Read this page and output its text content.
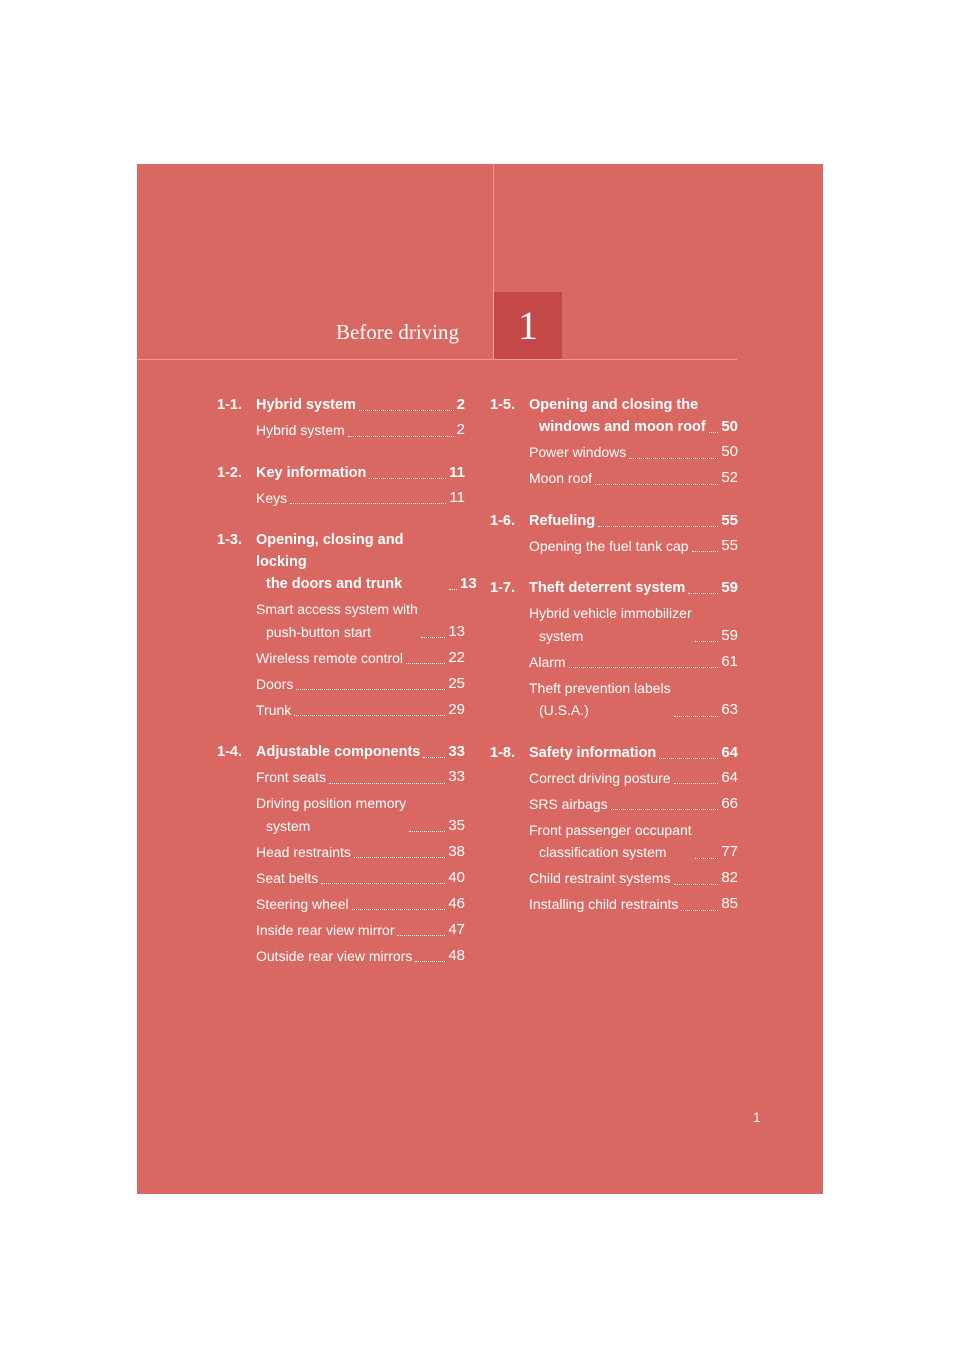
Before driving	1
1-1. Hybrid system	2
Hybrid system	2
1-2. Key information	11
Keys	11
1-3. Opening, closing and locking
the doors and trunk	13
Smart access system with
push-button start	13
Wireless remote control	22
Doors	25
Trunk	29
1-4. Adjustable components 33
Front seats	33
Driving position memory
system	35
Head restraints	38
Seat belts	40
Steering wheel	46
Inside rear view mirror	47
Outside rear view mirrors 48
1-5. Opening and closing the
windows and moon roof 50
Power windows	50
Moon roof	52
1-6. Refueling	55
Opening the fuel tank cap 55
1-7. Theft deterrent system 59
Hybrid vehicle immobilizer
system	59
Alarm	61
Theft prevention labels
(U.S.A.)	63
1-8. Safety information	64
Correct driving posture	64
SRS airbags	66
Front passenger occupant
classification system	77
Child restraint systems	82
Installing child restraints	85
1
